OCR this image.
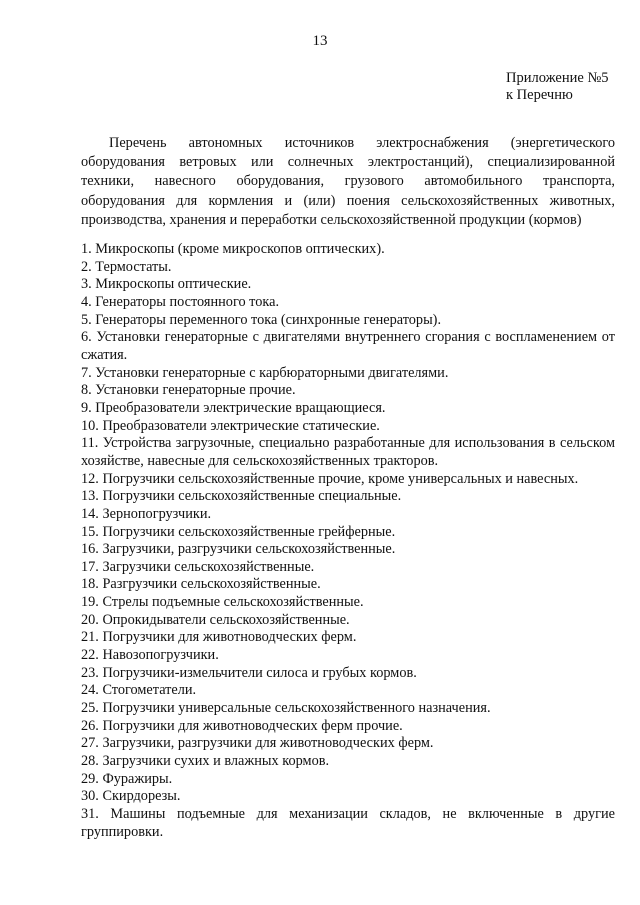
13
Приложение №5
к Перечню

Перечень автономных источников электроснабжения (энергетического оборудования ветровых или солнечных электростанций), специализированной техники, навесного оборудования, грузового автомобильного транспорта, оборудования для кормления и (или) поения сельскохозяйственных животных, производства, хранения и переработки сельскохозяйственной продукции (кормов)

1. Микроскопы (кроме микроскопов оптических).
2. Термостаты.
3. Микроскопы оптические.
4. Генераторы постоянного тока.
5. Генераторы переменного тока (синхронные генераторы).
6. Установки генераторные с двигателями внутреннего сгорания с воспламенением от сжатия.
7. Установки генераторные с карбюраторными двигателями.
8. Установки генераторные прочие.
9. Преобразователи электрические вращающиеся.
10. Преобразователи электрические статические.
11. Устройства загрузочные, специально разработанные для использования в сельском хозяйстве, навесные для сельскохозяйственных тракторов.
12. Погрузчики сельскохозяйственные прочие, кроме универсальных и навесных.
13. Погрузчики сельскохозяйственные специальные.
14. Зернопогрузчики.
15. Погрузчики сельскохозяйственные грейферные.
16. Загрузчики, разгрузчики сельскохозяйственные.
17. Загрузчики сельскохозяйственные.
18. Разгрузчики сельскохозяйственные.
19. Стрелы подъемные сельскохозяйственные.
20. Опрокидыватели сельскохозяйственные.
21. Погрузчики для животноводческих ферм.
22. Навозопогрузчики.
23. Погрузчики-измельчители силоса и грубых кормов.
24. Стогометатели.
25. Погрузчики универсальные сельскохозяйственного назначения.
26. Погрузчики для животноводческих ферм прочие.
27. Загрузчики, разгрузчики для животноводческих ферм.
28. Загрузчики сухих и влажных кормов.
29. Фуражиры.
30. Скирдорезы.
31. Машины подъемные для механизации складов, не включенные в другие группировки.
